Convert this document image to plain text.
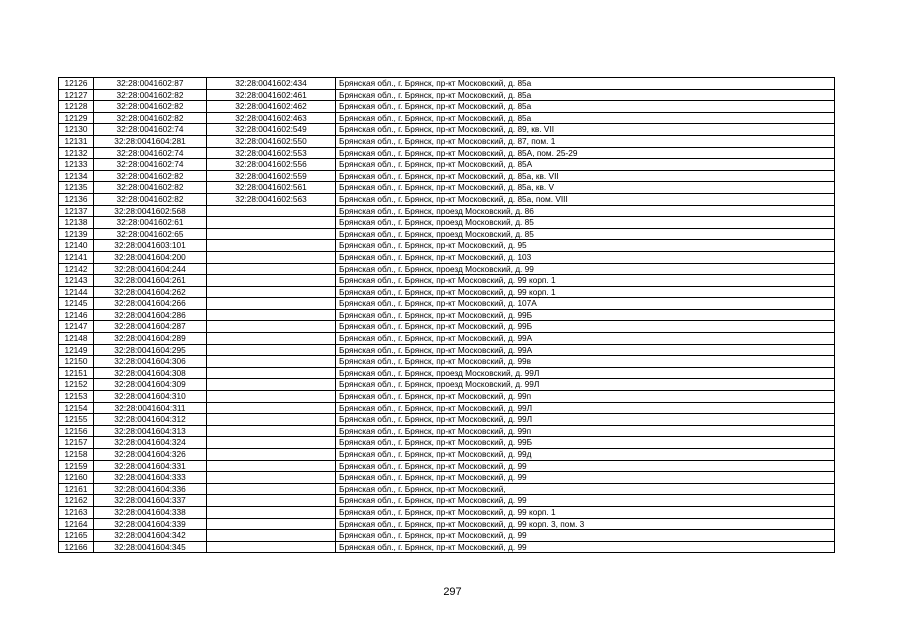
12126	32:28:0041602:87	32:28:0041602:434	Брянская обл., г. Брянск, пр-кт Московский, д. 85а
12127	32:28:0041602:82	32:28:0041602:461	Брянская обл., г. Брянск, пр-кт Московский, д. 85а
12128	32:28:0041602:82	32:28:0041602:462	Брянская обл., г. Брянск, пр-кт Московский, д. 85а
12129	32:28:0041602:82	32:28:0041602:463	Брянская обл., г. Брянск, пр-кт Московский, д. 85а
12130	32:28:0041602:74	32:28:0041602:549	Брянская обл., г. Брянск, пр-кт Московский, д. 89, кв. VII
12131	32:28:0041604:281	32:28:0041602:550	Брянская обл., г. Брянск, пр-кт Московский, д. 87, пом. 1
12132	32:28:0041602:74	32:28:0041602:553	Брянская обл., г. Брянск, пр-кт Московский, д. 85А, пом. 25-29
12133	32:28:0041602:74	32:28:0041602:556	Брянская обл., г. Брянск, пр-кт Московский, д. 85А
12134	32:28:0041602:82	32:28:0041602:559	Брянская обл., г. Брянск, пр-кт Московский, д. 85а, кв. VII
12135	32:28:0041602:82	32:28:0041602:561	Брянская обл., г. Брянск, пр-кт Московский, д. 85а, кв. V
12136	32:28:0041602:82	32:28:0041602:563	Брянская обл., г. Брянск, пр-кт Московский, д. 85а, пом. VIII
12137	32:28:0041602:568		Брянская обл., г. Брянск, проезд Московский, д. 86
12138	32:28:0041602:61		Брянская обл., г. Брянск, проезд Московский, д. 85
12139	32:28:0041602:65		Брянская обл., г. Брянск, проезд Московский, д. 85
12140	32:28:0041603:101		Брянская обл., г. Брянск, пр-кт Московский, д. 95
12141	32:28:0041604:200		Брянская обл., г. Брянск, пр-кт Московский, д. 103
12142	32:28:0041604:244		Брянская обл., г. Брянск, проезд Московский, д. 99
12143	32:28:0041604:261		Брянская обл., г. Брянск, пр-кт Московский, д. 99 корп. 1
12144	32:28:0041604:262		Брянская обл., г. Брянск, пр-кт Московский, д. 99 корп. 1
12145	32:28:0041604:266		Брянская обл., г. Брянск, пр-кт Московский, д. 107А
12146	32:28:0041604:286		Брянская обл., г. Брянск, пр-кт Московский, д. 99Б
12147	32:28:0041604:287		Брянская обл., г. Брянск, пр-кт Московский, д. 99Б
12148	32:28:0041604:289		Брянская обл., г. Брянск, пр-кт Московский, д. 99А
12149	32:28:0041604:295		Брянская обл., г. Брянск, пр-кт Московский, д. 99А
12150	32:28:0041604:306		Брянская обл., г. Брянск, пр-кт Московский, д. 99в
12151	32:28:0041604:308		Брянская обл., г. Брянск, проезд Московский, д. 99Л
12152	32:28:0041604:309		Брянская обл., г. Брянск, проезд Московский, д. 99Л
12153	32:28:0041604:310		Брянская обл., г. Брянск, пр-кт Московский, д. 99п
12154	32:28:0041604:311		Брянская обл., г. Брянск, пр-кт Московский, д. 99Л
12155	32:28:0041604:312		Брянская обл., г. Брянск, пр-кт Московский, д. 99Л
12156	32:28:0041604:313		Брянская обл., г. Брянск, пр-кт Московский, д. 99п
12157	32:28:0041604:324		Брянская обл., г. Брянск, пр-кт Московский, д. 99Б
12158	32:28:0041604:326		Брянская обл., г. Брянск, пр-кт Московский, д. 99д
12159	32:28:0041604:331		Брянская обл., г. Брянск, пр-кт Московский, д. 99
12160	32:28:0041604:333		Брянская обл., г. Брянск, пр-кт Московский, д. 99
12161	32:28:0041604:336		Брянская обл., г. Брянск, пр-кт Московский,
12162	32:28:0041604:337		Брянская обл., г. Брянск, пр-кт Московский, д. 99
12163	32:28:0041604:338		Брянская обл., г. Брянск, пр-кт Московский, д. 99 корп. 1
12164	32:28:0041604:339		Брянская обл., г. Брянск, пр-кт Московский, д. 99 корп. 3, пом. 3
12165	32:28:0041604:342		Брянская обл., г. Брянск, пр-кт Московский, д. 99
12166	32:28:0041604:345		Брянская обл., г. Брянск, пр-кт Московский, д. 99
297
